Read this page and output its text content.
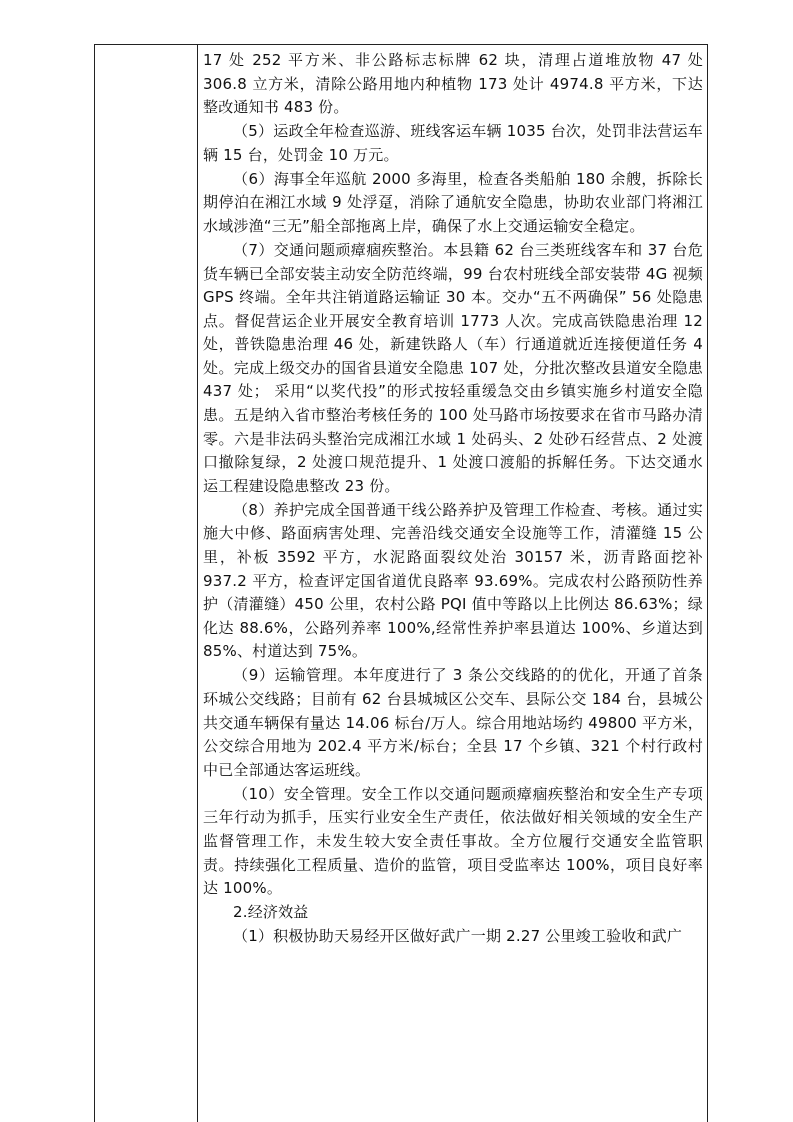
17 处 252 平方米、非公路标志标牌 62 块，清理占道堆放物 47 处 306.8 立方米，清除公路用地内种植物 173 处计 4974.8 平方米，下达整改通知书 483 份。

（5）运政全年检查巡游、班线客运车辆 1035 台次，处罚非法营运车辆 15 台，处罚金 10 万元。

（6）海事全年巡航 2000 多海里，检查各类船舶 180 余艘，拆除长期停泊在湘江水域 9 处浮趸，消除了通航安全隐患，协助农业部门将湘江水域涉渔“三无”船全部拖离上岸，确保了水上交通运输安全稳定。

（7）交通问题顽瘴痼疾整治。本县籍 62 台三类班线客车和 37 台危货车辆已全部安装主动安全防范终端，99 台农村班线全部安装带 4G 视频 GPS 终端。全年共注销道路运输证 30 本。交办“五不两确保” 56 处隐患点。督促营运企业开展安全教育培训 1773 人次。完成高铁隐患治理 12 处，普铁隐患治理 46 处，新建铁路人（车）行通道就近连接便道任务 4 处。完成上级交办的国省县道安全隐患 107 处，分批次整改县道安全隐患 437 处； 采用“以奖代投”的形式按轻重缓急交由乡镇实施乡村道安全隐患。五是纳入省市整治考核任务的 100 处马路市场按要求在省市马路办清零。六是非法码头整治完成湘江水域 1 处码头、2 处砂石经营点、2 处渡口撤除复绿，2 处渡口规范提升、1 处渡口渡船的拆解任务。下达交通水运工程建设隐患整改 23 份。

（8）养护完成全国普通干线公路养护及管理工作检查、考核。通过实施大中修、路面病害处理、完善沿线交通安全设施等工作，清灌缝 15 公里，补板 3592 平方，水泥路面裂纹处治 30157 米，沥青路面挖补 937.2 平方，检查评定国省道优良路率 93.69%。完成农村公路预防性养护（清灌缝）450 公里，农村公路 PQI 值中等路以上比例达 86.63%；绿化达 88.6%，公路列养率 100%,经常性养护率县道达 100%、乡道达到 85%、村道达到 75%。

（9）运输管理。本年度进行了 3 条公交线路的的优化，开通了首条环城公交线路；目前有 62 台县城城区公交车、县际公交 184 台，县城公共交通车辆保有量达 14.06 标台/万人。综合用地站场约 49800 平方米，公交综合用地为 202.4 平方米/标台；全县 17 个乡镇、321 个村行政村中已全部通达客运班线。

（10）安全管理。安全工作以交通问题顽瘴痼疾整治和安全生产专项三年行动为抓手，压实行业安全生产责任，依法做好相关领域的安全生产监督管理工作，未发生较大安全责任事故。全方位履行交通安全监管职责。持续强化工程质量、造价的监管，项目受监率达 100%，项目良好率达 100%。

2.经济效益

（1）积极协助天易经开区做好武广一期 2.27 公里竣工验收和武广
